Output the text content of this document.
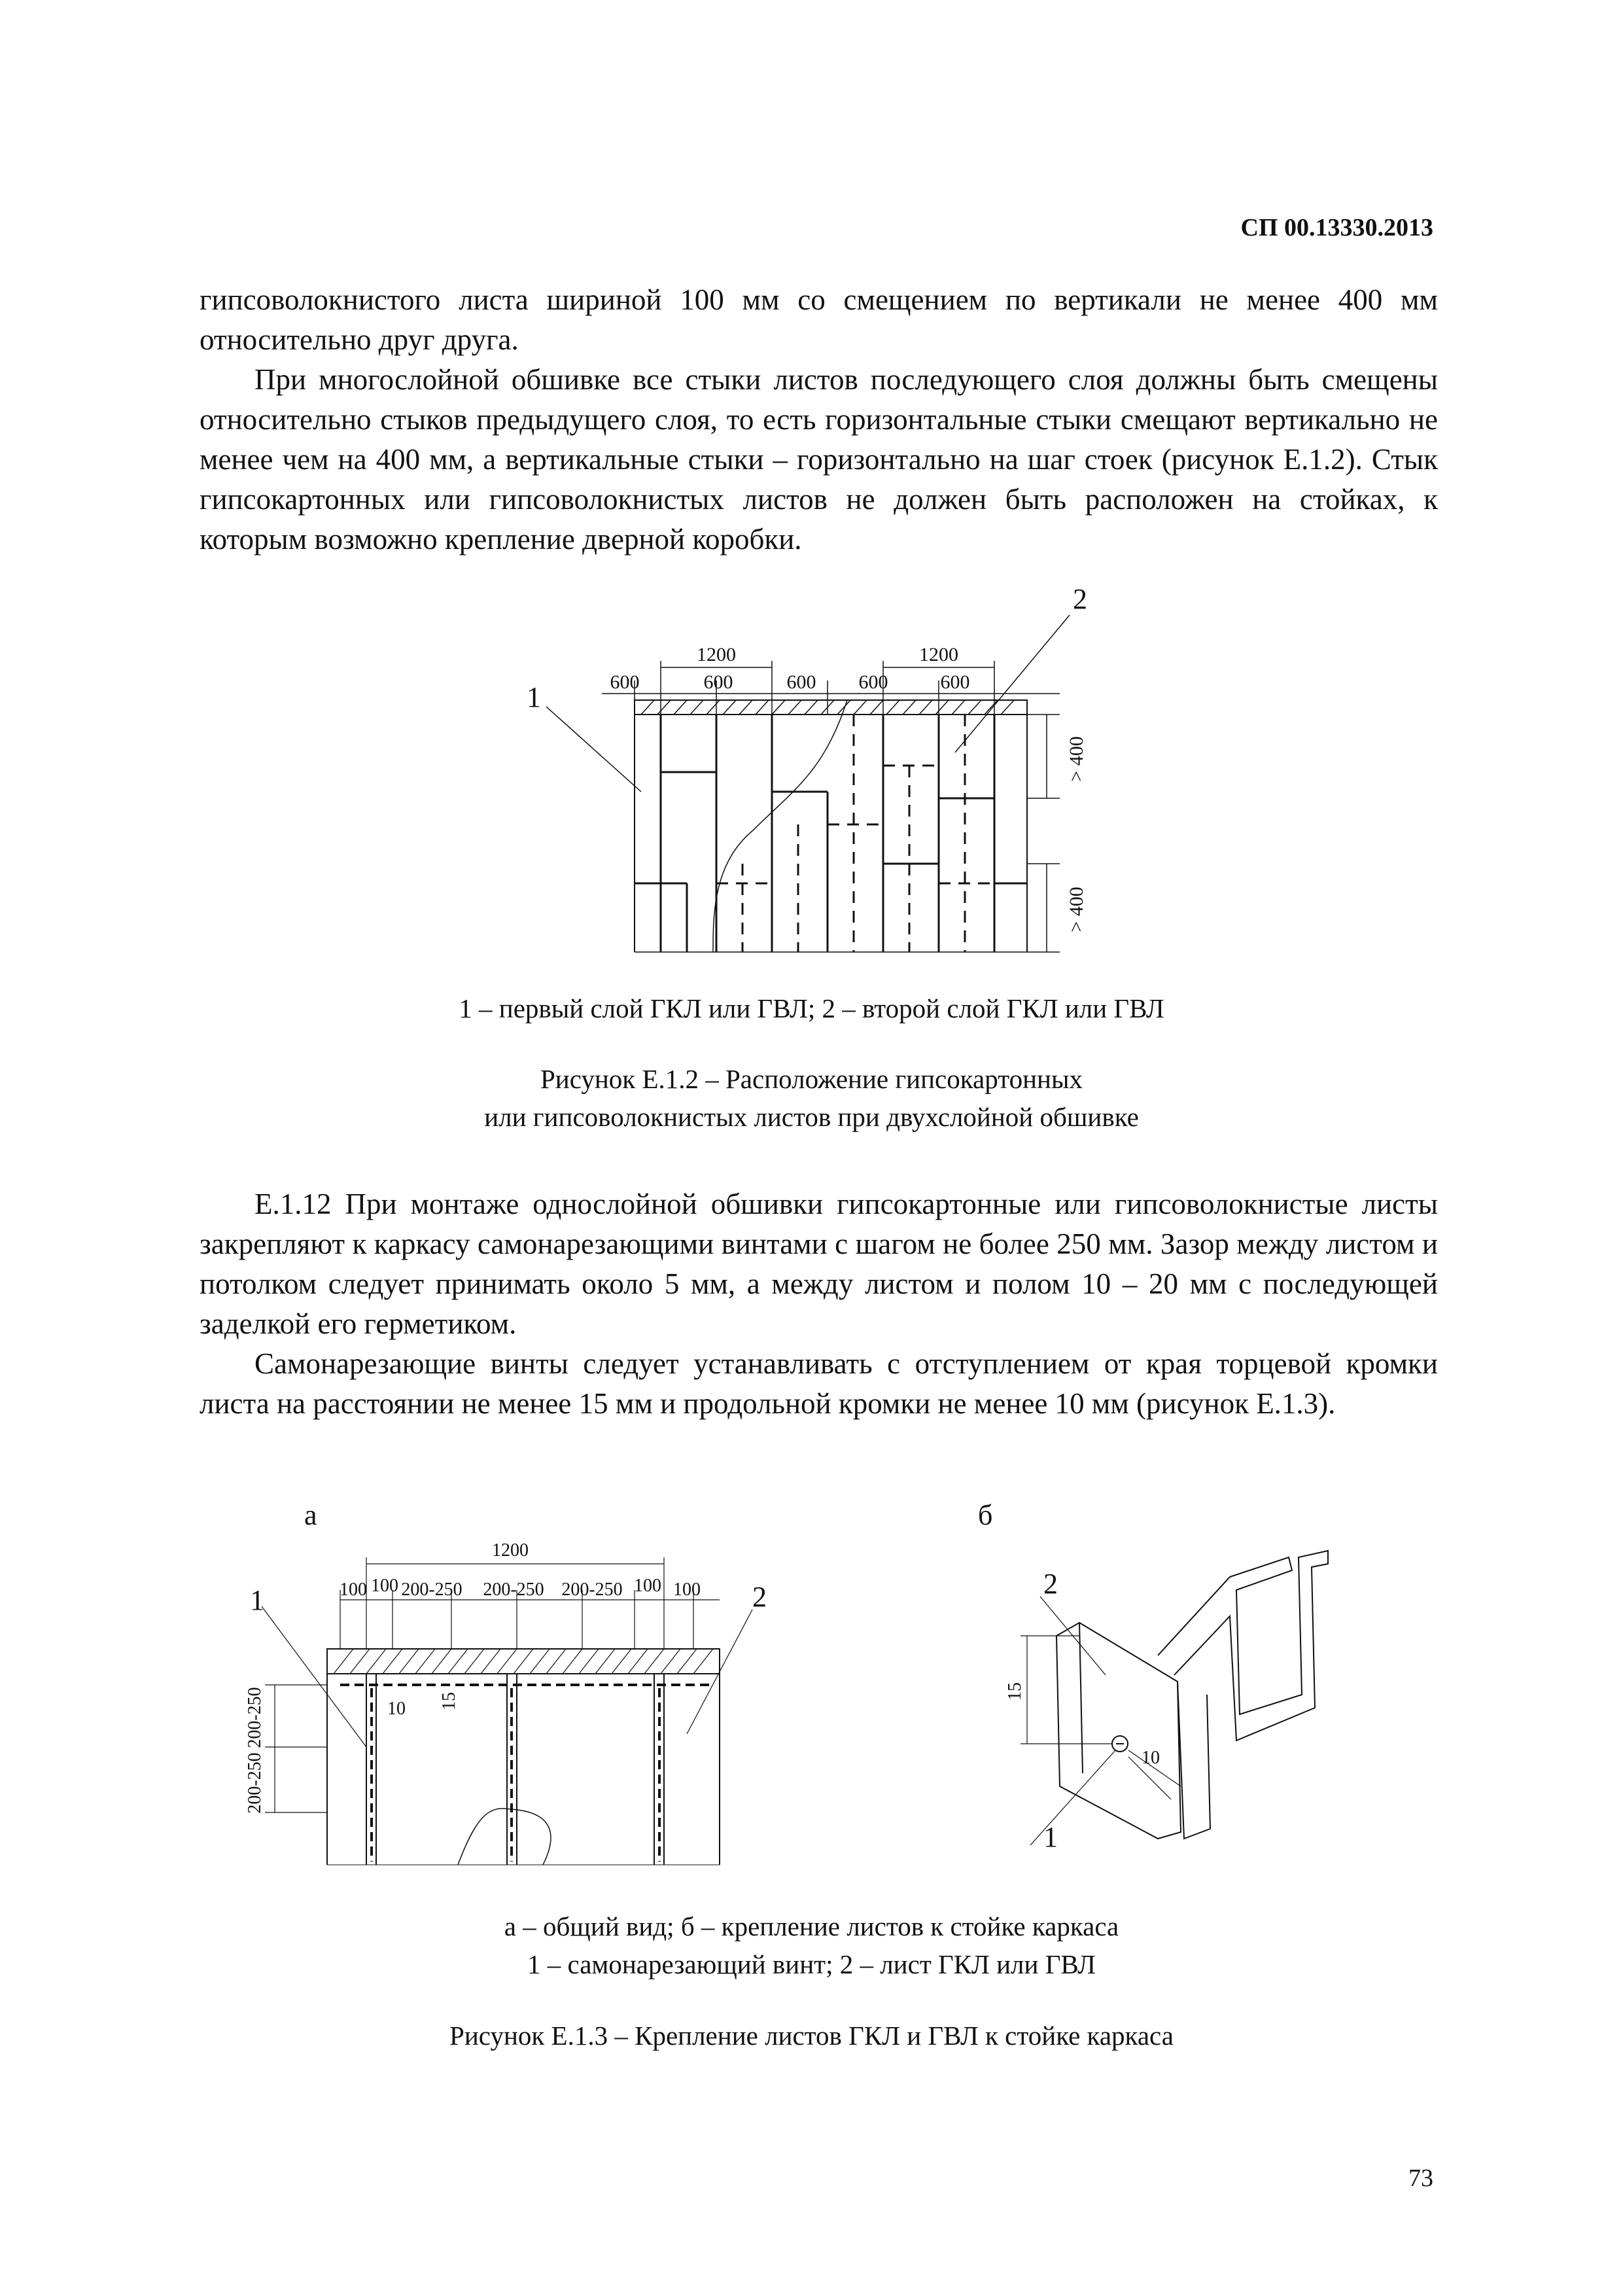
СП 00.13330.2013

гипсоволокнистого листа шириной 100 мм со смещением по вертикали не менее 400 мм относительно друг друга.

При многослойной обшивке все стыки листов последующего слоя должны быть смещены относительно стыков предыдущего слоя, то есть горизонтальные стыки смещают вертикально не менее чем на 400 мм, а вертикальные стыки – горизонтально на шаг стоек (рисунок Е.1.2). Стык гипсокартонных или гипсоволокнистых листов не должен быть расположен на стойках, к которым возможно крепление дверной коробки.

1200	1200
600	600	600 600	600
> 400
> 400
1
2
1 – первый слой ГКЛ или ГВЛ; 2 – второй слой ГКЛ или ГВЛ
Рисунок Е.1.2 – Расположение гипсокартонных
или гипсоволокнистых листов при двухслойной обшивке

Е.1.12 При монтаже однослойной обшивки гипсокартонные или гипсоволокнистые листы закрепляют к каркасу самонарезающими винтами с шагом не более 250 мм. Зазор между листом и потолком следует принимать около 5 мм, а между листом и полом 10 – 20 мм с последующей заделкой его герметиком.

Самонарезающие винты следует устанавливать с отступлением от края торцевой кромки листа на расстоянии не менее 15 мм и продольной кромки не менее 10 мм (рисунок Е.1.3).

1200
100 100 200-250 200-250 200-250 100 100
200-250
200-250
10 15
а
1	2
15
10
б
2
1
а – общий вид; б – крепление листов к стойке каркаса
1 – самонарезающий винт; 2 – лист ГКЛ или ГВЛ
Рисунок Е.1.3 – Крепление листов ГКЛ и ГВЛ к стойке каркаса
73
